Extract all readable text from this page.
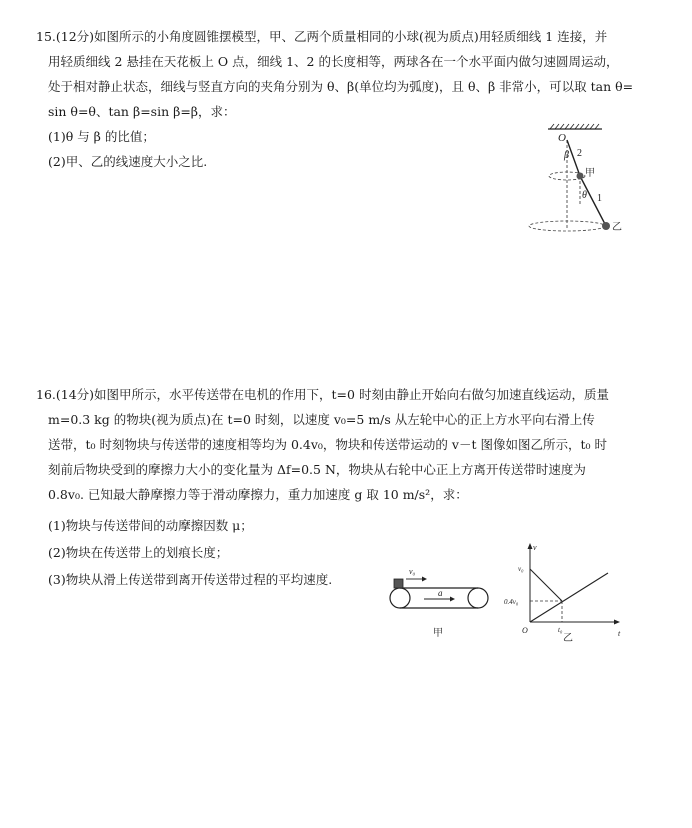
15.(12分)如图所示的小角度圆锥摆模型，甲、乙两个质量相同的小球(视为质点)用轻质细线 1 连接，并
用轻质细线 2 悬挂在天花板上 O 点，细线 1、2 的长度相等，两球各在一个水平面内做匀速圆周运动，
处于相对静止状态，细线与竖直方向的夹角分别为 θ、β(单位均为弧度)，且 θ、β 非常小，可以取 tan θ=
sin θ=θ、tan β=sin β=β，求：
(1)θ 与 β 的比值；
(2)甲、乙的线速度大小之比.
O
β 2
甲
θ 1
乙
16.(14分)如图甲所示，水平传送带在电机的作用下，t=0 时刻由静止开始向右做匀加速直线运动，质量
m=0.3 kg 的物块(视为质点)在 t=0 时刻，以速度 v₀=5 m/s 从左轮中心的正上方水平向右滑上传
送带，t₀ 时刻物块与传送带的速度相等均为 0.4v₀，物块和传送带运动的 v－t 图像如图乙所示，t₀ 时
刻前后物块受到的摩擦力大小的变化量为 Δf=0.5 N，物块从右轮中心正上方离开传送带时速度为
0.8v₀. 已知最大静摩擦力等于滑动摩擦力，重力加速度 g 取 10 m/s²，求：
(1)物块与传送带间的动摩擦因数 μ；
(2)物块在传送带上的划痕长度；
(3)物块从滑上传送带到离开传送带过程的平均速度.
v₀
a
甲
v
t
O
v₀
0.4v₀
t₀
乙
